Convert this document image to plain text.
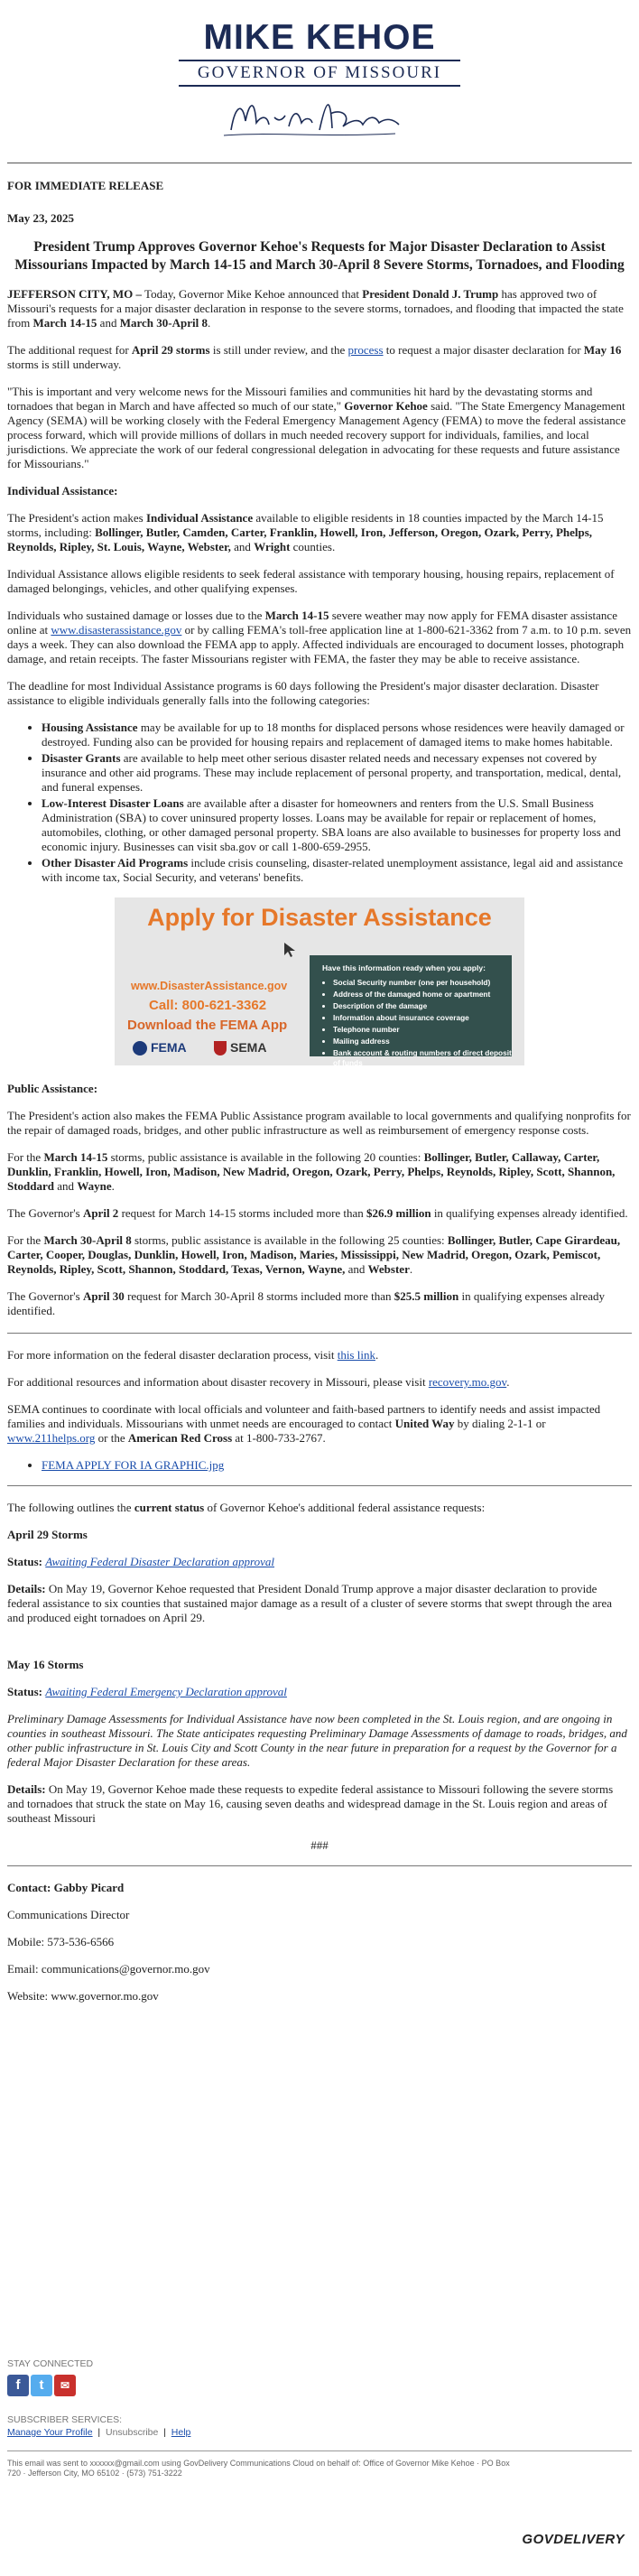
MIKE KEHOE
GOVERNOR OF MISSOURI

FOR IMMEDIATE RELEASE

May 23, 2025

President Trump Approves Governor Kehoe's Requests for Major Disaster Declaration to Assist Missourians Impacted by March 14-15 and March 30-April 8 Severe Storms, Tornadoes, and Flooding

JEFFERSON CITY, MO – Today, Governor Mike Kehoe announced that President Donald J. Trump has approved two of Missouri's requests for a major disaster declaration in response to the severe storms, tornadoes, and flooding that impacted the state from March 14-15 and March 30-April 8.

The additional request for April 29 storms is still under review, and the process to request a major disaster declaration for May 16 storms is still underway.

"This is important and very welcome news for the Missouri families and communities hit hard by the devastating storms and tornadoes that began in March and have affected so much of our state," Governor Kehoe said. "The State Emergency Management Agency (SEMA) will be working closely with the Federal Emergency Management Agency (FEMA) to move the federal assistance process forward, which will provide millions of dollars in much needed recovery support for individuals, families, and local jurisdictions. We appreciate the work of our federal congressional delegation in advocating for these requests and future assistance for Missourians."

Individual Assistance:

The President's action makes Individual Assistance available to eligible residents in 18 counties impacted by the March 14-15 storms, including: Bollinger, Butler, Camden, Carter, Franklin, Howell, Iron, Jefferson, Oregon, Ozark, Perry, Phelps, Reynolds, Ripley, St. Louis, Wayne, Webster, and Wright counties.

Individual Assistance allows eligible residents to seek federal assistance with temporary housing, housing repairs, replacement of damaged belongings, vehicles, and other qualifying expenses.

Individuals who sustained damage or losses due to the March 14-15 severe weather may now apply for FEMA disaster assistance online at www.disasterassistance.gov or by calling FEMA's toll-free application line at 1-800-621-3362 from 7 a.m. to 10 p.m. seven days a week. They can also download the FEMA app to apply. Affected individuals are encouraged to document losses, photograph damage, and retain receipts. The faster Missourians register with FEMA, the faster they may be able to receive assistance.

The deadline for most Individual Assistance programs is 60 days following the President's major disaster declaration. Disaster assistance to eligible individuals generally falls into the following categories:

• Housing Assistance may be available for up to 18 months for displaced persons whose residences were heavily damaged or destroyed. Funding also can be provided for housing repairs and replacement of damaged items to make homes habitable.
• Disaster Grants are available to help meet other serious disaster related needs and necessary expenses not covered by insurance and other aid programs. These may include replacement of personal property, and transportation, medical, dental, and funeral expenses.
• Low-Interest Disaster Loans are available after a disaster for homeowners and renters from the U.S. Small Business Administration (SBA) to cover uninsured property losses. Loans may be available for repair or replacement of homes, automobiles, clothing, or other damaged personal property. SBA loans are also available to businesses for property loss and economic injury. Businesses can visit sba.gov or call 1-800-659-2955.
• Other Disaster Aid Programs include crisis counseling, disaster-related unemployment assistance, legal aid and assistance with income tax, Social Security, and veterans' benefits.
Apply for Disaster Assistance
www.DisasterAssistance.gov
Call: 800-621-3362
Download the FEMA App
FEMA	SEMA
Have this information ready when you apply:
• Social Security number (one per household)
• Address of the damaged home or apartment
• Description of the damage
• Information about insurance coverage
• Telephone number
• Mailing address
• Bank account & routing numbers of direct deposit of funds

Public Assistance:

The President's action also makes the FEMA Public Assistance program available to local governments and qualifying nonprofits for the repair of damaged roads, bridges, and other public infrastructure as well as reimbursement of emergency response costs.

For the March 14-15 storms, public assistance is available in the following 20 counties: Bollinger, Butler, Callaway, Carter, Dunklin, Franklin, Howell, Iron, Madison, New Madrid, Oregon, Ozark, Perry, Phelps, Reynolds, Ripley, Scott, Shannon, Stoddard and Wayne.

The Governor's April 2 request for March 14-15 storms included more than $26.9 million in qualifying expenses already identified.

For the March 30-April 8 storms, public assistance is available in the following 25 counties: Bollinger, Butler, Cape Girardeau, Carter, Cooper, Douglas, Dunklin, Howell, Iron, Madison, Maries, Mississippi, New Madrid, Oregon, Ozark, Pemiscot, Reynolds, Ripley, Scott, Shannon, Stoddard, Texas, Vernon, Wayne, and Webster.

The Governor's April 30 request for March 30-April 8 storms included more than $25.5 million in qualifying expenses already identified.

For more information on the federal disaster declaration process, visit this link.

For additional resources and information about disaster recovery in Missouri, please visit recovery.mo.gov.

SEMA continues to coordinate with local officials and volunteer and faith-based partners to identify needs and assist impacted families and individuals. Missourians with unmet needs are encouraged to contact United Way by dialing 2-1-1 or www.211helps.org or the American Red Cross at 1-800-733-2767.

• FEMA APPLY FOR IA GRAPHIC.jpg

The following outlines the current status of Governor Kehoe's additional federal assistance requests:

April 29 Storms

Status: Awaiting Federal Disaster Declaration approval

Details: On May 19, Governor Kehoe requested that President Donald Trump approve a major disaster declaration to provide federal assistance to six counties that sustained major damage as a result of a cluster of severe storms that swept through the area and produced eight tornadoes on April 29.

May 16 Storms

Status: Awaiting Federal Emergency Declaration approval

Preliminary Damage Assessments for Individual Assistance have now been completed in the St. Louis region, and are ongoing in counties in southeast Missouri. The State anticipates requesting Preliminary Damage Assessments of damage to roads, bridges, and other public infrastructure in St. Louis City and Scott County in the near future in preparation for a request by the Governor for a federal Major Disaster Declaration for these areas.

Details: On May 19, Governor Kehoe made these requests to expedite federal assistance to Missouri following the severe storms and tornadoes that struck the state on May 16, causing seven deaths and widespread damage in the St. Louis region and areas of southeast Missouri

###

Contact: Gabby Picard

Communications Director

Mobile: 573-536-6566

Email: communications@governor.mo.gov

Website: www.governor.mo.gov

STAY CONNECTED
f t ✉
SUBSCRIBER SERVICES:
Manage Your Profile | Unsubscribe | Help
This email was sent to xxxxxx@gmail.com using GovDelivery Communications Cloud on behalf of: Office of Governor Mike Kehoe · PO Box 720 · Jefferson City, MO 65102 · (573) 751-3222
GOVDELIVERY
